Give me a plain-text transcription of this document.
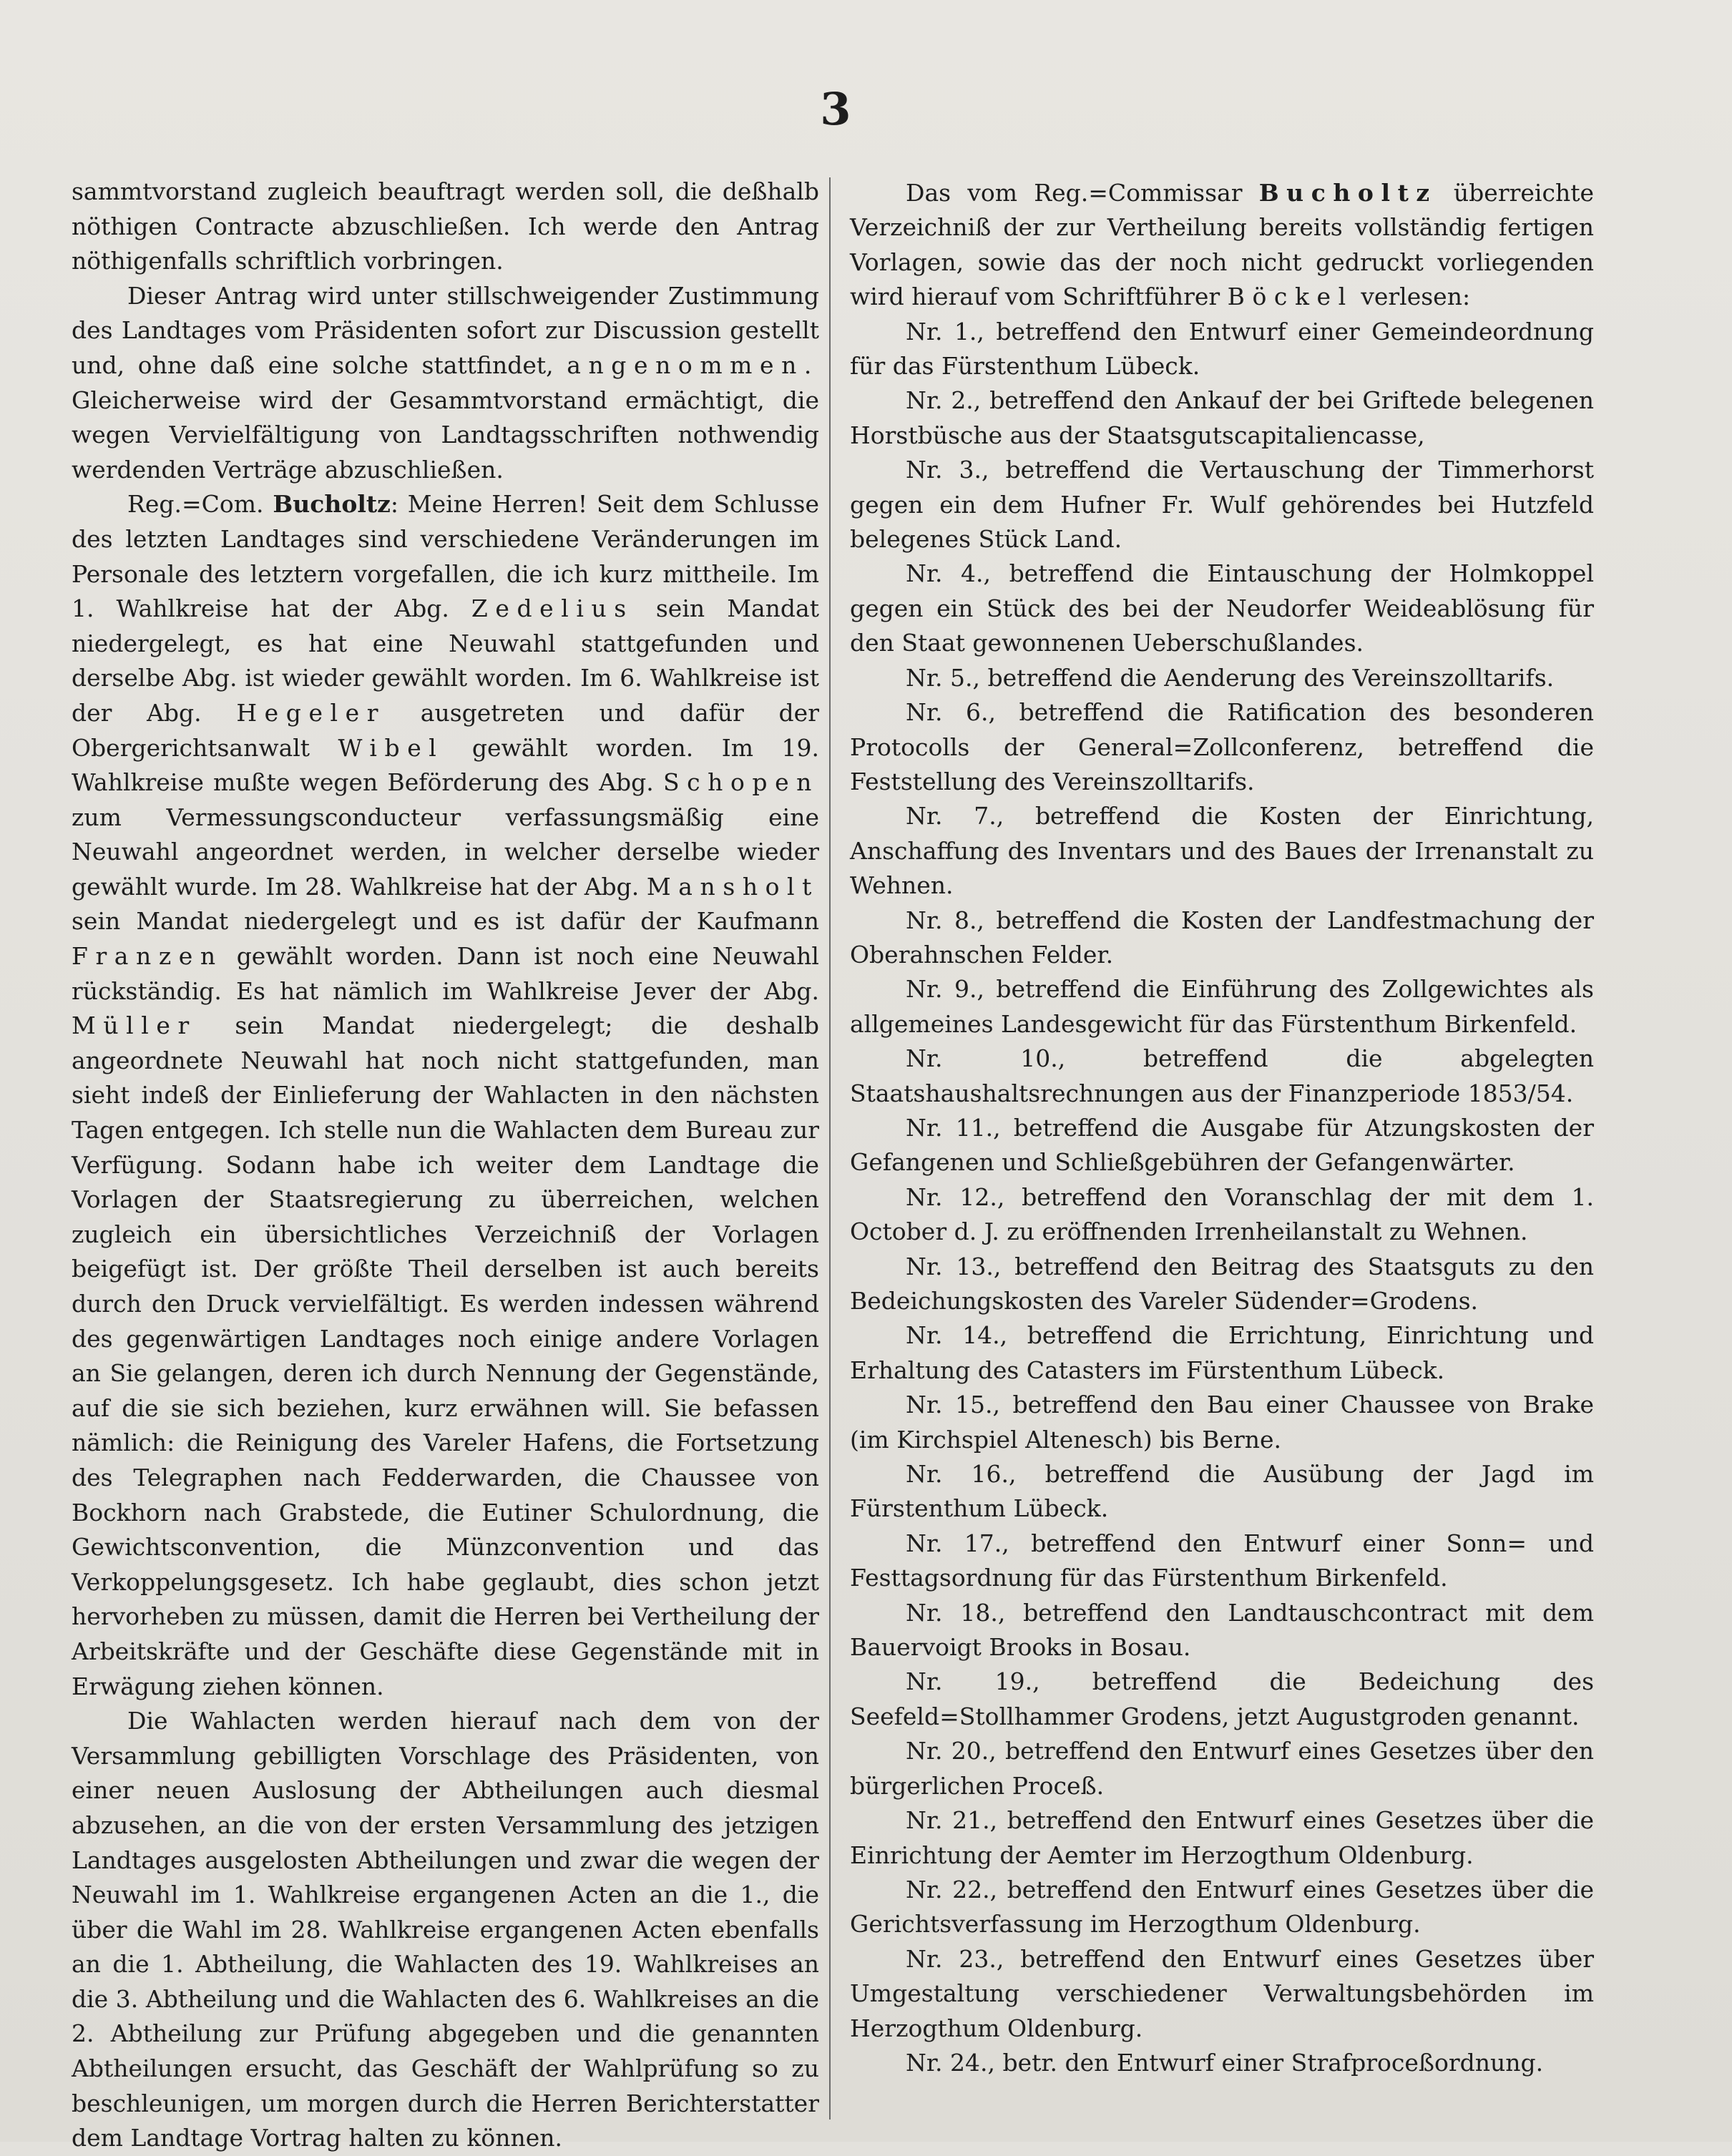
3

sammtvorstand zugleich beauftragt werden soll, die deßhalb nöthigen Contracte abzuschließen. Ich werde den Antrag nöthigenfalls schriftlich vorbringen.

Dieser Antrag wird unter stillschweigender Zustimmung des Landtages vom Präsidenten sofort zur Discussion gestellt und, ohne daß eine solche stattfindet, angenommen. Gleicherweise wird der Gesammtvorstand ermächtigt, die wegen Vervielfältigung von Landtagsschriften nothwendig werdenden Verträge abzuschließen.

Reg.=Com. Bucholtz: Meine Herren! Seit dem Schlusse des letzten Landtages sind verschiedene Veränderungen im Personale des letztern vorgefallen, die ich kurz mittheile. Im 1. Wahlkreise hat der Abg. Zedelius sein Mandat niedergelegt, es hat eine Neuwahl stattgefunden und derselbe Abg. ist wieder gewählt worden. Im 6. Wahlkreise ist der Abg. Hegeler ausgetreten und dafür der Obergerichtsanwalt Wibel gewählt worden. Im 19. Wahlkreise mußte wegen Beförderung des Abg. Schopen zum Vermessungsconducteur verfassungsmäßig eine Neuwahl angeordnet werden, in welcher derselbe wieder gewählt wurde. Im 28. Wahlkreise hat der Abg. Mansholt sein Mandat niedergelegt und es ist dafür der Kaufmann Franzen gewählt worden. Dann ist noch eine Neuwahl rückständig. Es hat nämlich im Wahlkreise Jever der Abg. Müller sein Mandat niedergelegt; die deshalb angeordnete Neuwahl hat noch nicht stattgefunden, man sieht indeß der Einlieferung der Wahlacten in den nächsten Tagen entgegen. Ich stelle nun die Wahlacten dem Bureau zur Verfügung. Sodann habe ich weiter dem Landtage die Vorlagen der Staatsregierung zu überreichen, welchen zugleich ein übersichtliches Verzeichniß der Vorlagen beigefügt ist. Der größte Theil derselben ist auch bereits durch den Druck vervielfältigt. Es werden indessen während des gegenwärtigen Landtages noch einige andere Vorlagen an Sie gelangen, deren ich durch Nennung der Gegenstände, auf die sie sich beziehen, kurz erwähnen will. Sie befassen nämlich: die Reinigung des Vareler Hafens, die Fortsetzung des Telegraphen nach Fedderwarden, die Chaussee von Bockhorn nach Grabstede, die Eutiner Schulordnung, die Gewichtsconvention, die Münzconvention und das Verkoppelungsgesetz. Ich habe geglaubt, dies schon jetzt hervorheben zu müssen, damit die Herren bei Vertheilung der Arbeitskräfte und der Geschäfte diese Gegenstände mit in Erwägung ziehen können.

Die Wahlacten werden hierauf nach dem von der Versammlung gebilligten Vorschlage des Präsidenten, von einer neuen Auslosung der Abtheilungen auch diesmal abzusehen, an die von der ersten Versammlung des jetzigen Landtages ausgelosten Abtheilungen und zwar die wegen der Neuwahl im 1. Wahlkreise ergangenen Acten an die 1., die über die Wahl im 28. Wahlkreise ergangenen Acten ebenfalls an die 1. Abtheilung, die Wahlacten des 19. Wahlkreises an die 3. Abtheilung und die Wahlacten des 6. Wahlkreises an die 2. Abtheilung zur Prüfung abgegeben und die genannten Abtheilungen ersucht, das Geschäft der Wahlprüfung so zu beschleunigen, um morgen durch die Herren Berichterstatter dem Landtage Vortrag halten zu können.

Das vom Reg.=Commissar Bucholtz überreichte Verzeichniß der zur Vertheilung bereits vollständig fertigen Vorlagen, sowie das der noch nicht gedruckt vorliegenden wird hierauf vom Schriftführer Böckel verlesen:

Nr. 1., betreffend den Entwurf einer Gemeindeordnung für das Fürstenthum Lübeck.

Nr. 2., betreffend den Ankauf der bei Griftede belegenen Horstbüsche aus der Staatsgutscapitaliencasse,

Nr. 3., betreffend die Vertauschung der Timmerhorst gegen ein dem Hufner Fr. Wulf gehörendes bei Hutzfeld belegenes Stück Land.

Nr. 4., betreffend die Eintauschung der Holmkoppel gegen ein Stück des bei der Neudorfer Weideablösung für den Staat gewonnenen Ueberschußlandes.

Nr. 5., betreffend die Aenderung des Vereinszolltarifs.

Nr. 6., betreffend die Ratification des besonderen Protocolls der General=Zollconferenz, betreffend die Feststellung des Vereinszolltarifs.

Nr. 7., betreffend die Kosten der Einrichtung, Anschaffung des Inventars und des Baues der Irrenanstalt zu Wehnen.

Nr. 8., betreffend die Kosten der Landfestmachung der Oberahnschen Felder.

Nr. 9., betreffend die Einführung des Zollgewichtes als allgemeines Landesgewicht für das Fürstenthum Birkenfeld.

Nr. 10., betreffend die abgelegten Staatshaushaltsrechnungen aus der Finanzperiode 1853/54.

Nr. 11., betreffend die Ausgabe für Atzungskosten der Gefangenen und Schließgebühren der Gefangenwärter.

Nr. 12., betreffend den Voranschlag der mit dem 1. October d. J. zu eröffnenden Irrenheilanstalt zu Wehnen.

Nr. 13., betreffend den Beitrag des Staatsguts zu den Bedeichungskosten des Vareler Südender=Grodens.

Nr. 14., betreffend die Errichtung, Einrichtung und Erhaltung des Catasters im Fürstenthum Lübeck.

Nr. 15., betreffend den Bau einer Chaussee von Brake (im Kirchspiel Altenesch) bis Berne.

Nr. 16., betreffend die Ausübung der Jagd im Fürstenthum Lübeck.

Nr. 17., betreffend den Entwurf einer Sonn= und Festtagsordnung für das Fürstenthum Birkenfeld.

Nr. 18., betreffend den Landtauschcontract mit dem Bauervoigt Brooks in Bosau.

Nr. 19., betreffend die Bedeichung des Seefeld=Stollhammer Grodens, jetzt Augustgroden genannt.

Nr. 20., betreffend den Entwurf eines Gesetzes über den bürgerlichen Proceß.

Nr. 21., betreffend den Entwurf eines Gesetzes über die Einrichtung der Aemter im Herzogthum Oldenburg.

Nr. 22., betreffend den Entwurf eines Gesetzes über die Gerichtsverfassung im Herzogthum Oldenburg.

Nr. 23., betreffend den Entwurf eines Gesetzes über Umgestaltung verschiedener Verwaltungsbehörden im Herzogthum Oldenburg.

Nr. 24., betr. den Entwurf einer Strafproceßordnung.
